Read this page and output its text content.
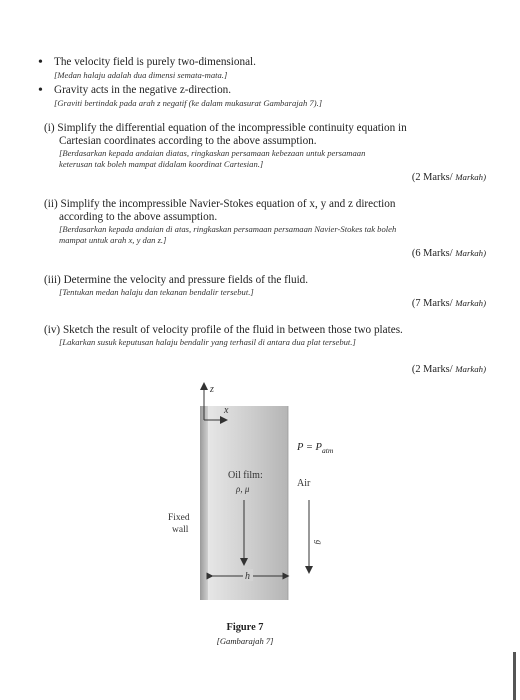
• The velocity field is purely two-dimensional.
[Medan halaju adalah dua dimensi semata-mata.]
• Gravity acts in the negative z-direction.
[Graviti bertindak pada arah z negatif (ke dalam mukasurat Gambarajah 7).]
(i) Simplify the differential equation of the incompressible continuity equation in
Cartesian coordinates according to the above assumption.
[Berdasarkan kepada andaian diatas, ringkaskan persamaan kebezaan untuk persamaan
keterusan tak boleh mampat didalam koordinat Cartesian.]
(2 Marks/ Markah)
(ii) Simplify the incompressible Navier-Stokes equation of x, y and z direction
according to the above assumption.
[Berdasarkan kepada andaian di atas, ringkaskan persamaan persamaan Navier-Stokes tak boleh
mampat untuk arah x, y dan z.]
(6 Marks/ Markah)
(iii) Determine the velocity and pressure fields of the fluid.
[Tentukan medan halaju dan tekanan bendalir tersebut.]
(7 Marks/ Markah)
(iv) Sketch the result of velocity profile of the fluid in between those two plates.
[Lakarkan susuk keputusan halaju bendalir yang terhasil di antara dua plat tersebut.]
(2 Marks/ Markah)
z
x
$P = P_{atm}$
Oil film:
ρ, μ	Air
Fixed
wall
g
h
Figure 7
[Gambarajah 7]
